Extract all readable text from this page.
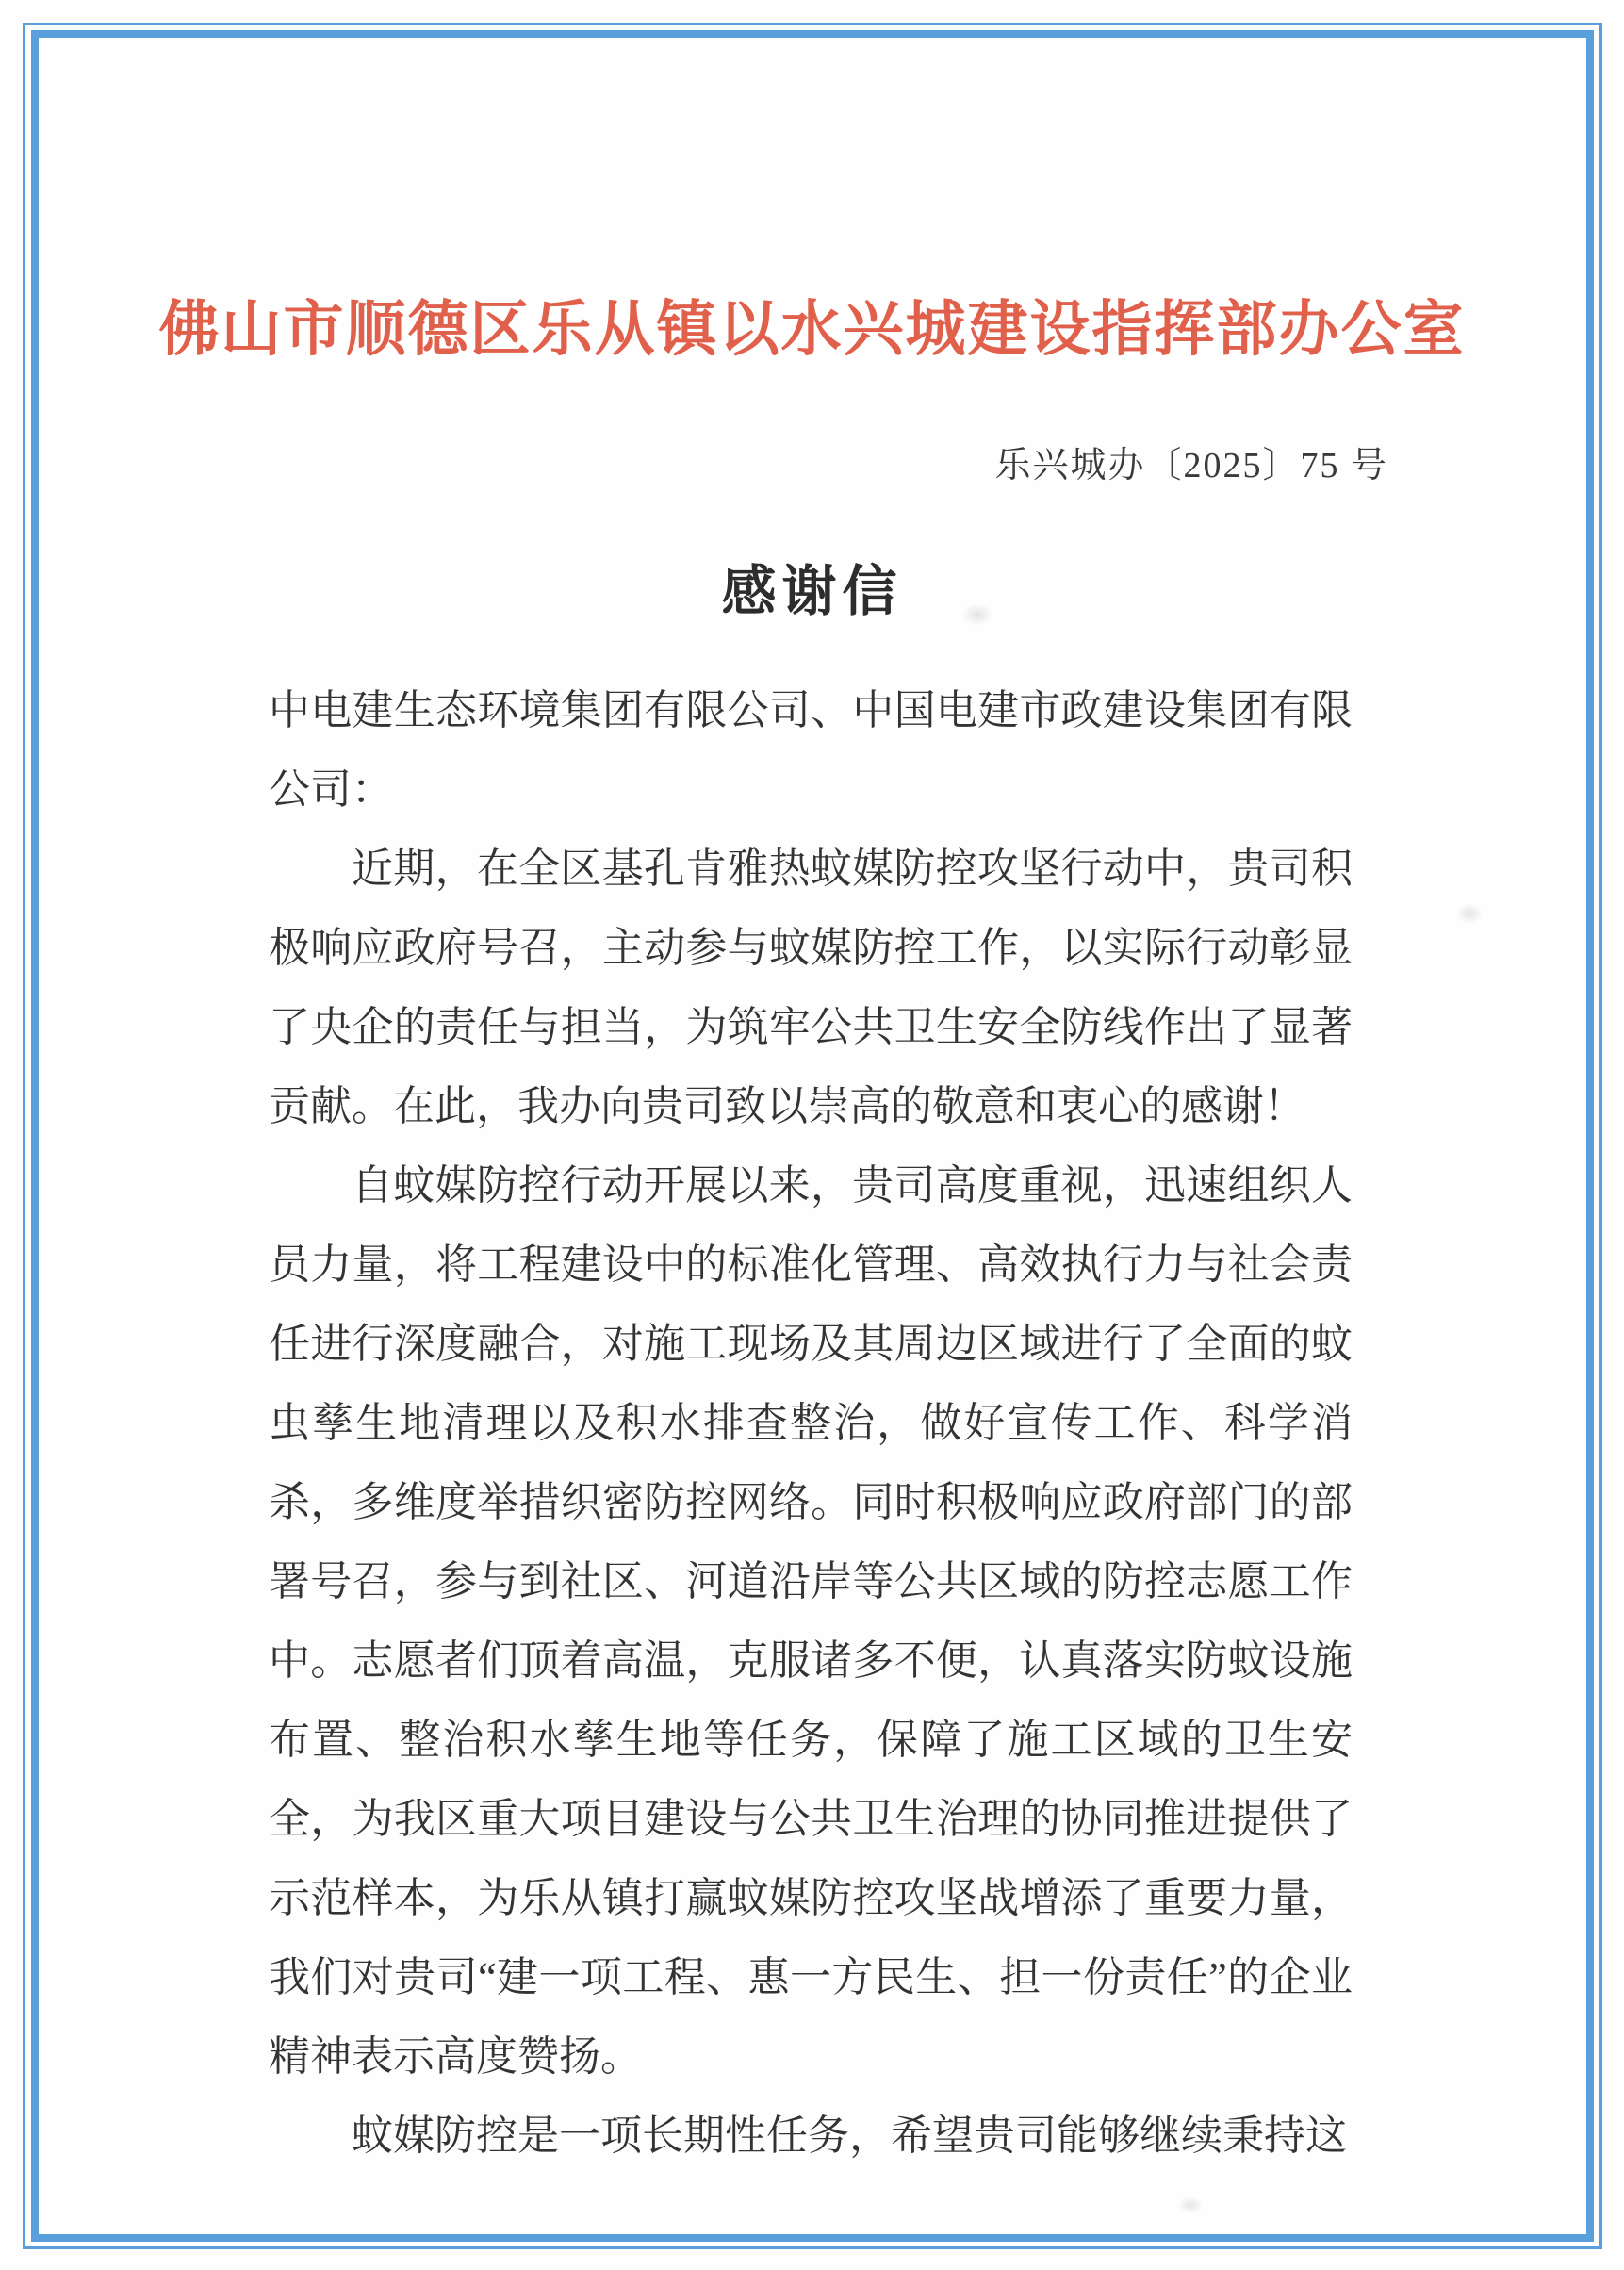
佛山市顺德区乐从镇以水兴城建设指挥部办公室
乐兴城办〔2025〕75 号
感谢信

中电建生态环境集团有限公司、中国电建市政建设集团有限公司：

近期，在全区基孔肯雅热蚊媒防控攻坚行动中，贵司积极响应政府号召，主动参与蚊媒防控工作，以实际行动彰显了央企的责任与担当，为筑牢公共卫生安全防线作出了显著贡献。在此，我办向贵司致以崇高的敬意和衷心的感谢！

自蚊媒防控行动开展以来，贵司高度重视，迅速组织人员力量，将工程建设中的标准化管理、高效执行力与社会责任进行深度融合，对施工现场及其周边区域进行了全面的蚊虫孳生地清理以及积水排查整治，做好宣传工作、科学消杀，多维度举措织密防控网络。同时积极响应政府部门的部署号召，参与到社区、河道沿岸等公共区域的防控志愿工作中。志愿者们顶着高温，克服诸多不便，认真落实防蚊设施布置、整治积水孳生地等任务，保障了施工区域的卫生安全，为我区重大项目建设与公共卫生治理的协同推进提供了示范样本，为乐从镇打赢蚊媒防控攻坚战增添了重要力量，我们对贵司“建一项工程、惠一方民生、担一份责任”的企业精神表示高度赞扬。

蚊媒防控是一项长期性任务，希望贵司能够继续秉持这
